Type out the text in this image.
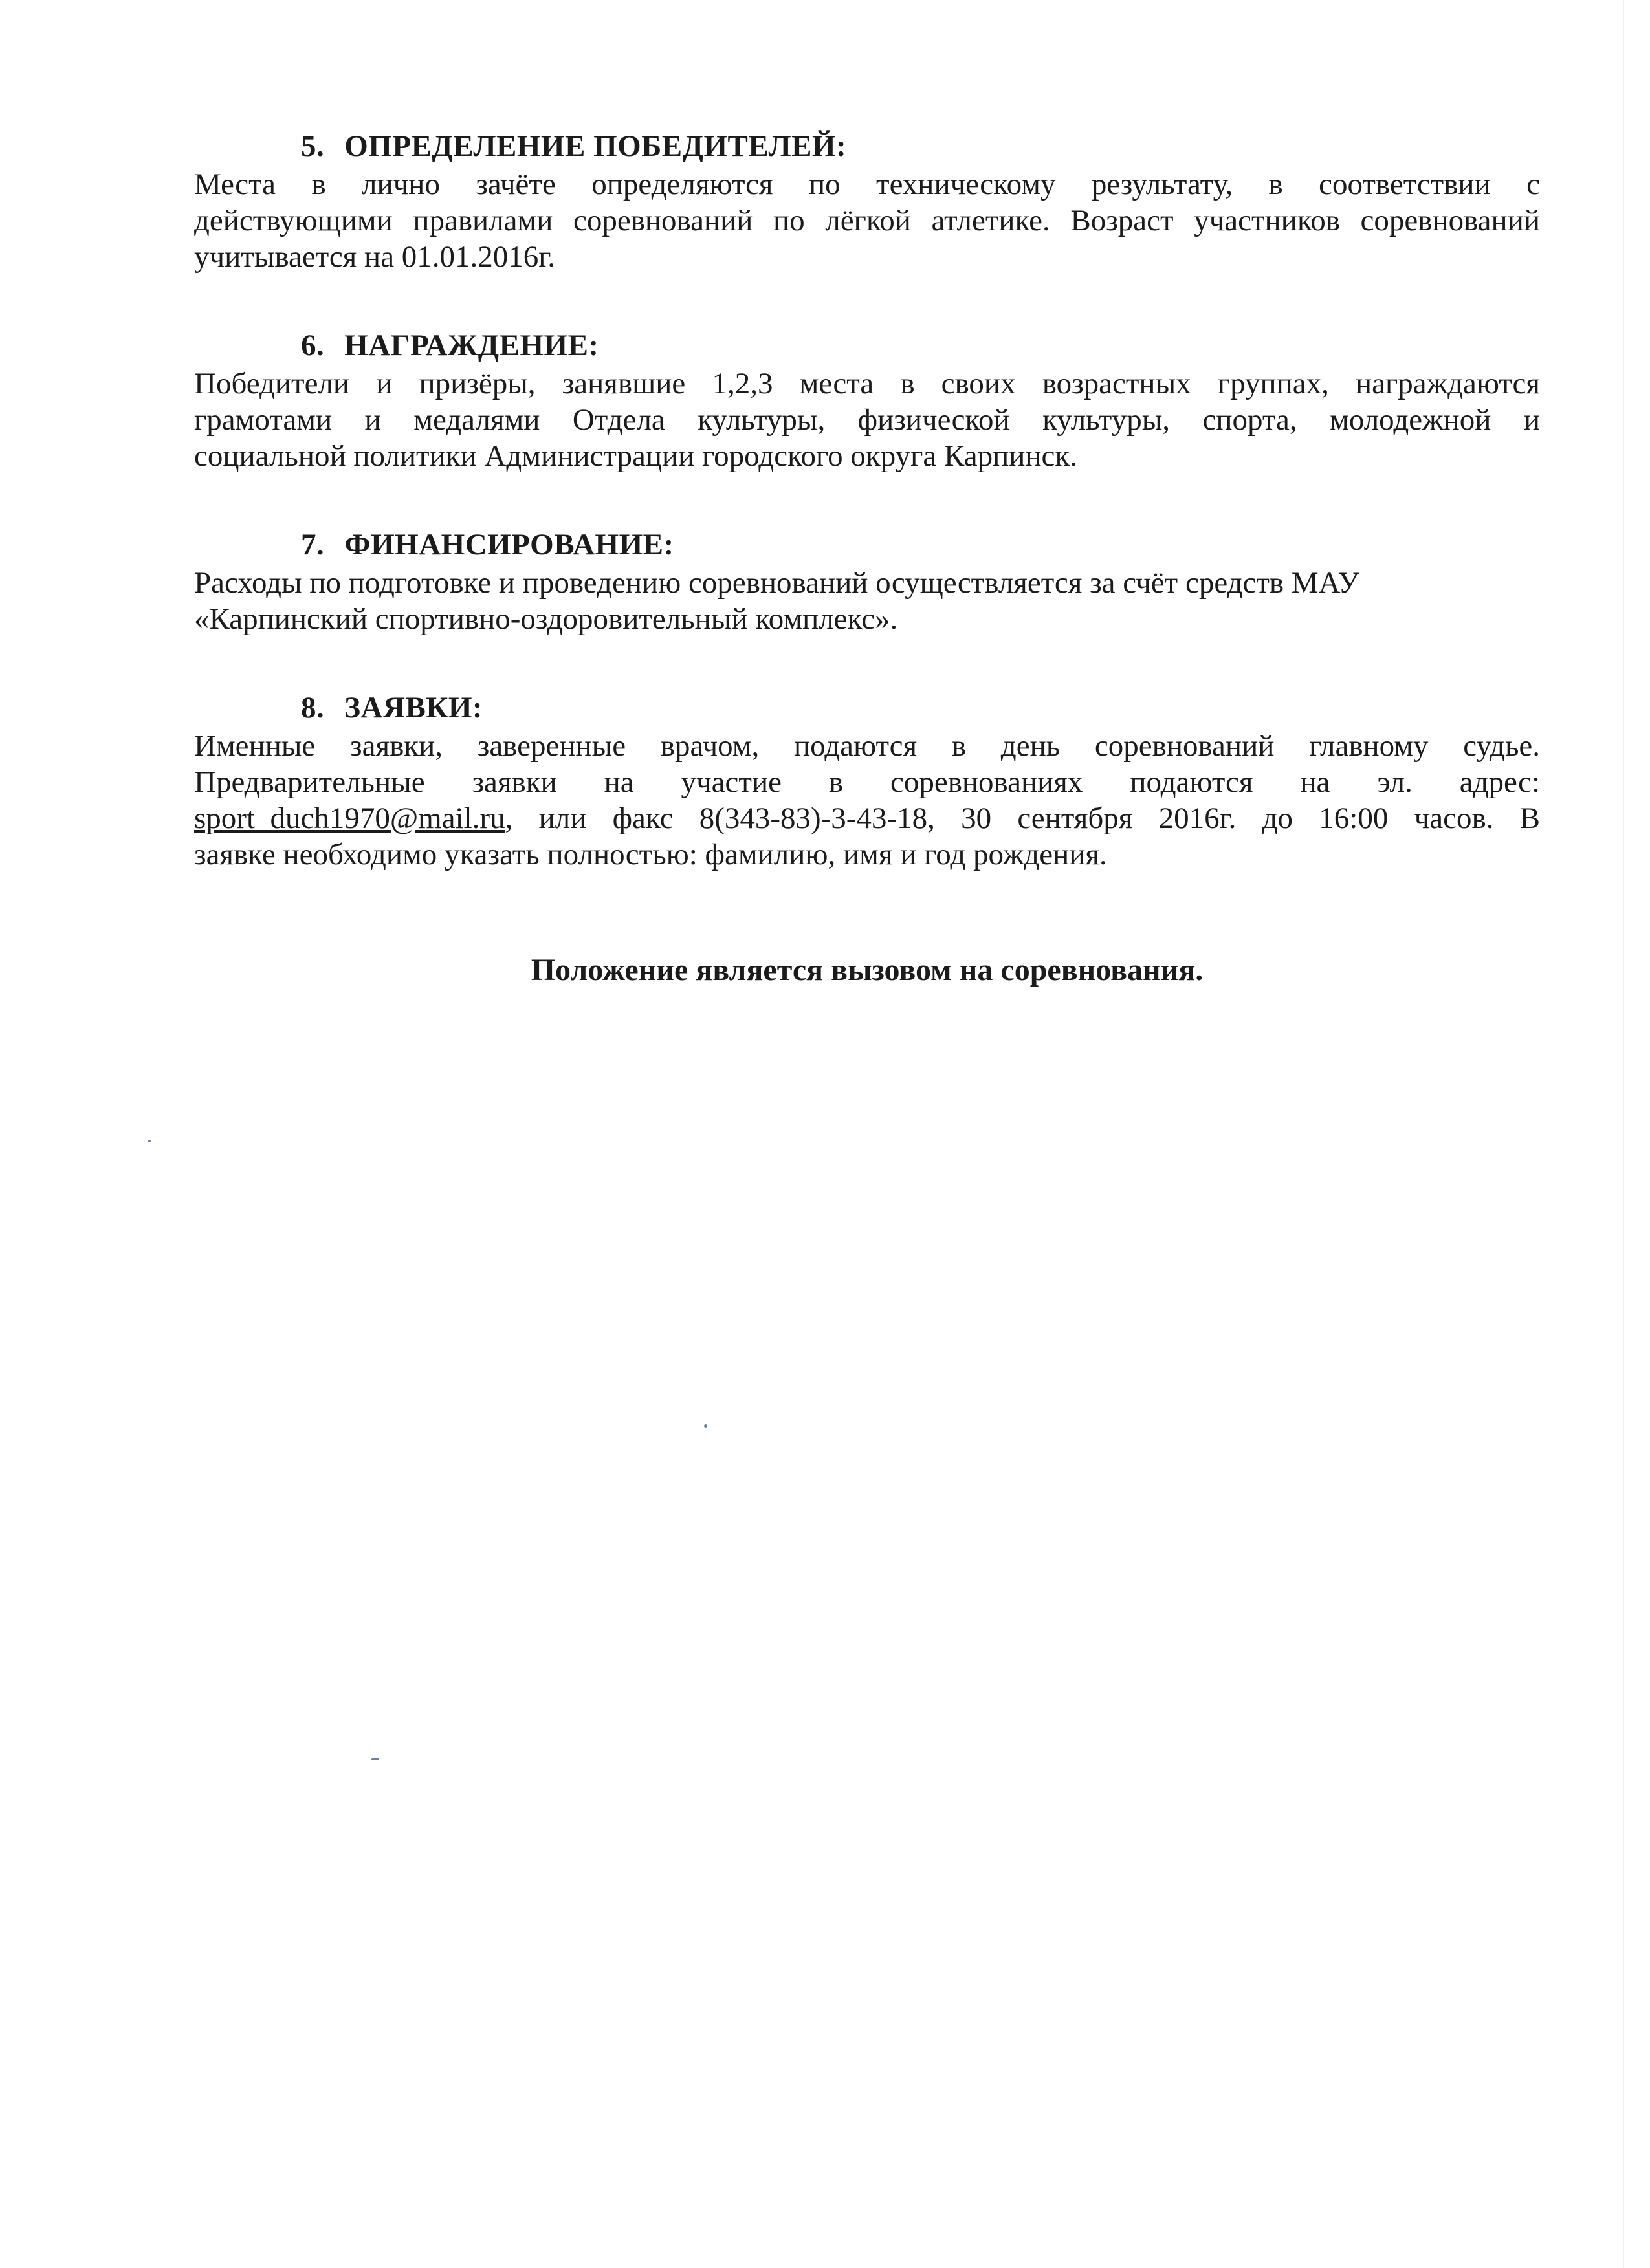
5. ОПРЕДЕЛЕНИЕ ПОБЕДИТЕЛЕЙ:

Места в лично зачёте определяются по техническому результату, в соответствии с
действующими правилами соревнований по лёгкой атлетике. Возраст участников соревнований
учитывается на 01.01.2016г.

6. НАГРАЖДЕНИЕ:

Победители и призёры, занявшие 1,2,3 места в своих возрастных группах, награждаются
грамотами и медалями Отдела культуры, физической культуры, спорта, молодежной и
социальной политики Администрации городского округа Карпинск.

7. ФИНАНСИРОВАНИЕ:

Расходы по подготовке и проведению соревнований осуществляется за счёт средств МАУ
«Карпинский спортивно-оздоровительный комплекс».

8. ЗАЯВКИ:

Именные заявки, заверенные врачом, подаются в день соревнований главному судье.
Предварительные заявки на участие в соревнованиях подаются на эл. адрес:
sport_duch1970@mail.ru, или факс 8(343-83)-3-43-18, 30 сентября 2016г. до 16:00 часов. В
заявке необходимо указать полностью: фамилию, имя и год рождения.

Положение является вызовом на соревнования.
